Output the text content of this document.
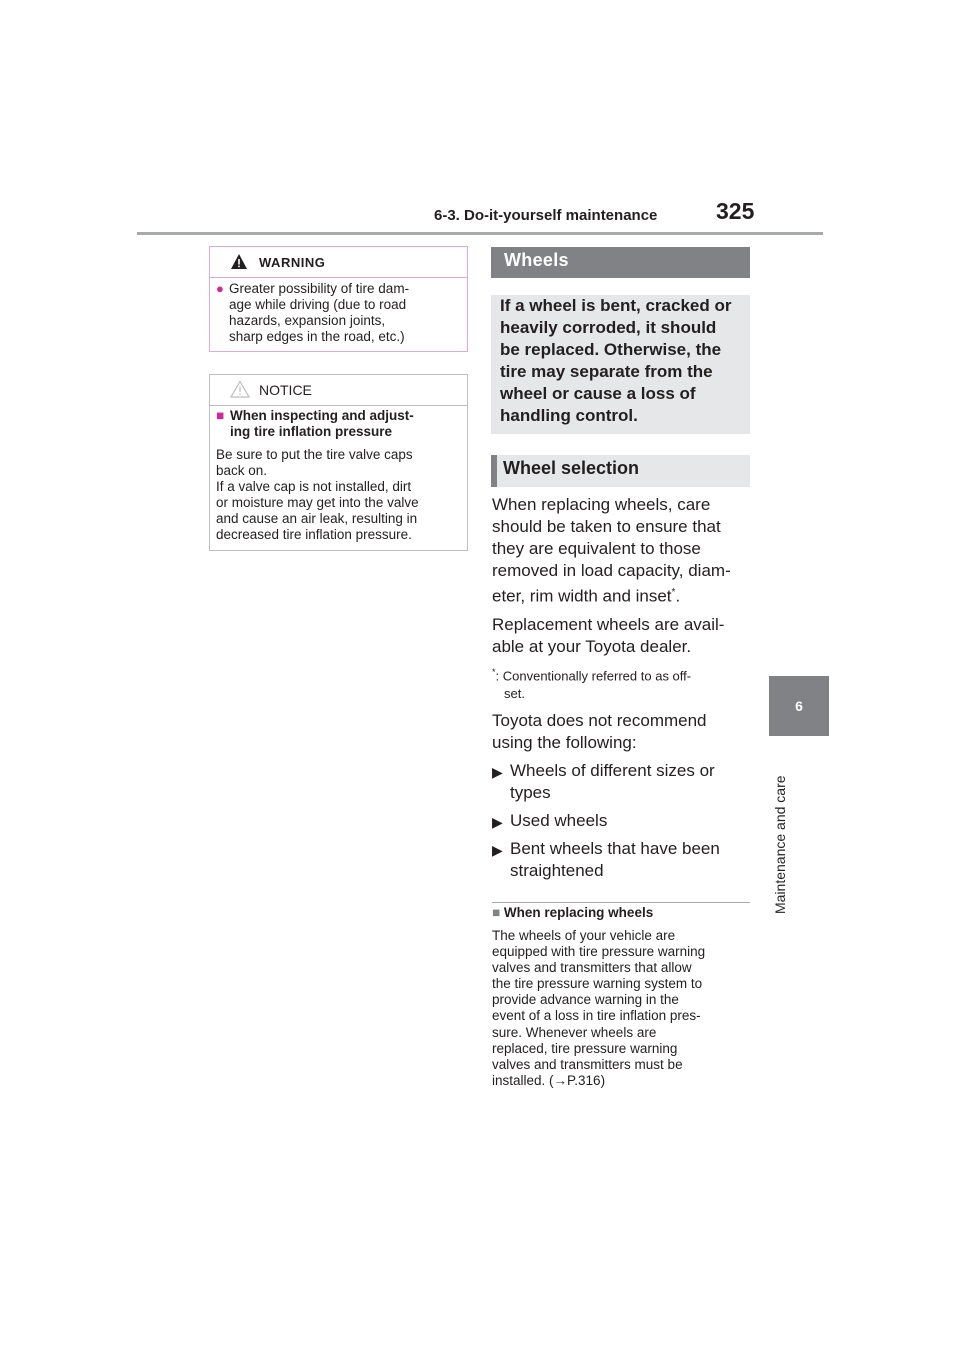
6-3. Do-it-yourself maintenance	325
6
Maintenance and care
WARNING
● Greater possibility of tire dam-
age while driving (due to road
hazards, expansion joints,
sharp edges in the road, etc.)
NOTICE
■ When inspecting and adjust-
ing tire inflation pressure
Be sure to put the tire valve caps
back on.
If a valve cap is not installed, dirt
or moisture may get into the valve
and cause an air leak, resulting in
decreased tire inflation pressure.
Wheels
If a wheel is bent, cracked or
heavily corroded, it should
be replaced. Otherwise, the
tire may separate from the
wheel or cause a loss of
handling control.
Wheel selection
When replacing wheels, care
should be taken to ensure that
they are equivalent to those
removed in load capacity, diam-
eter, rim width and inset*.
Replacement wheels are avail-
able at your Toyota dealer.
*: Conventionally referred to as off-
set.
Toyota does not recommend
using the following:
▶ Wheels of different sizes or
types
▶ Used wheels
▶ Bent wheels that have been
straightened
■ When replacing wheels
The wheels of your vehicle are
equipped with tire pressure warning
valves and transmitters that allow
the tire pressure warning system to
provide advance warning in the
event of a loss in tire inflation pres-
sure. Whenever wheels are
replaced, tire pressure warning
valves and transmitters must be
installed. (→P.316)
